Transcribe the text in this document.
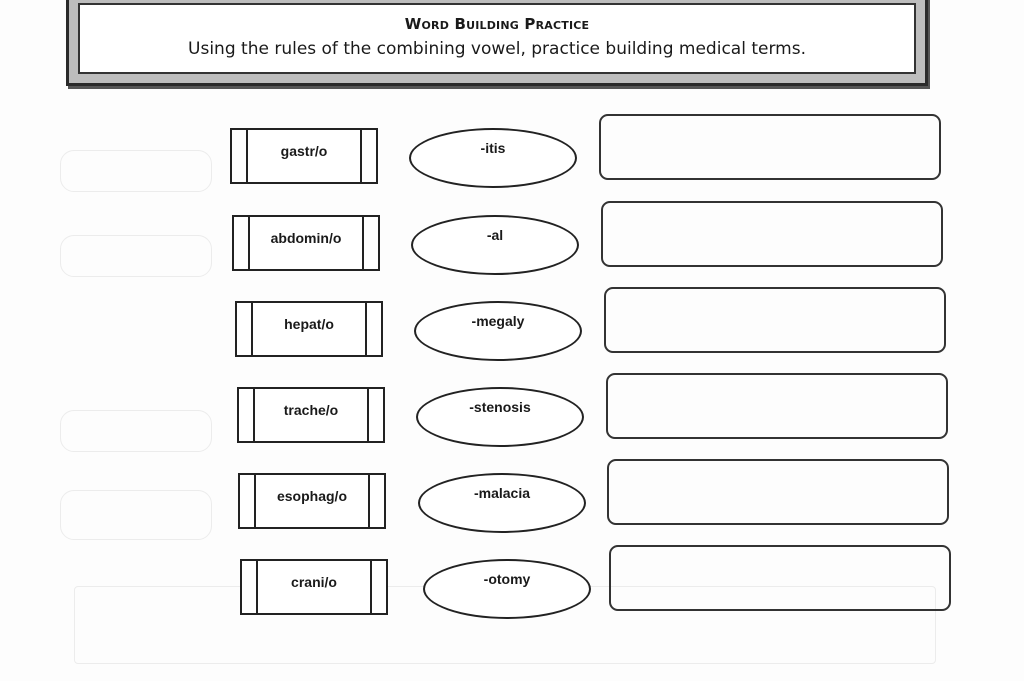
Word Building Practice
Using the rules of the combining vowel, practice building medical terms.
gastr/o	-itis
abdomin/o	-al
hepat/o	-megaly
trache/o	-stenosis
esophag/o	-malacia
crani/o	-otomy
